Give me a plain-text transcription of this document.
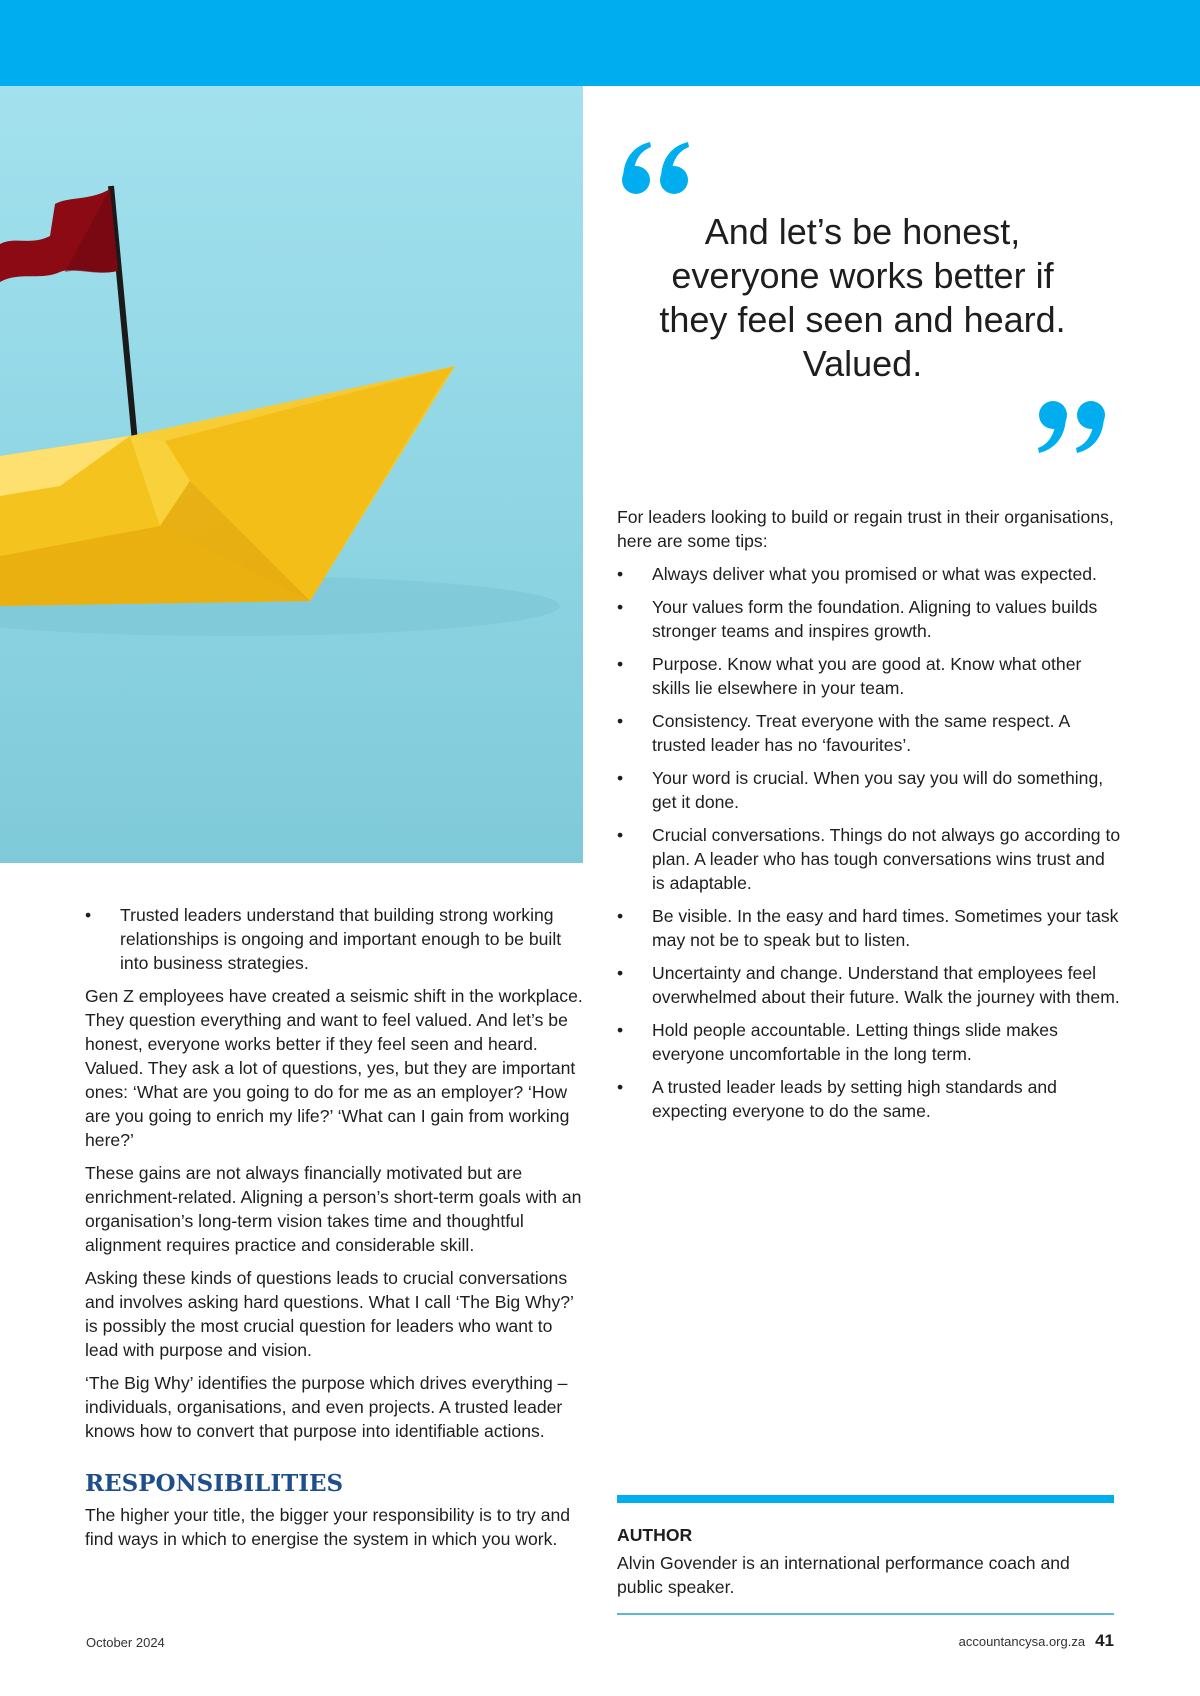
And let’s be honest, everyone works better if they feel seen and heard. Valued.

• Trusted leaders understand that building strong working relationships is ongoing and important enough to be built into business strategies.

Gen Z employees have created a seismic shift in the workplace. They question everything and want to feel valued. And let’s be honest, everyone works better if they feel seen and heard. Valued. They ask a lot of questions, yes, but they are important ones: ‘What are you going to do for me as an employer? ‘How are you going to enrich my life?’ ‘What can I gain from working here?’

These gains are not always financially motivated but are enrichment-related. Aligning a person’s short-term goals with an organisation’s long-term vision takes time and thoughtful alignment requires practice and considerable skill.

Asking these kinds of questions leads to crucial conversations and involves asking hard questions. What I call ‘The Big Why?’ is possibly the most crucial question for leaders who want to lead with purpose and vision.

‘The Big Why’ identifies the purpose which drives everything – individuals, organisations, and even projects. A trusted leader knows how to convert that purpose into identifiable actions.

RESPONSIBILITIES

The higher your title, the bigger your responsibility is to try and find ways in which to energise the system in which you work.

For leaders looking to build or regain trust in their organisations, here are some tips:

• Always deliver what you promised or what was expected.
• Your values form the foundation. Aligning to values builds stronger teams and inspires growth.
• Purpose. Know what you are good at. Know what other skills lie elsewhere in your team.
• Consistency. Treat everyone with the same respect. A trusted leader has no ‘favourites’.
• Your word is crucial. When you say you will do something, get it done.
• Crucial conversations. Things do not always go according to plan. A leader who has tough conversations wins trust and is adaptable.
• Be visible. In the easy and hard times. Sometimes your task may not be to speak but to listen.
• Uncertainty and change. Understand that employees feel overwhelmed about their future. Walk the journey with them.
• Hold people accountable. Letting things slide makes everyone uncomfortable in the long term.
• A trusted leader leads by setting high standards and expecting everyone to do the same.
AUTHOR

Alvin Govender is an international performance coach and public speaker.

October 2024	accountancysa.org.za 41
